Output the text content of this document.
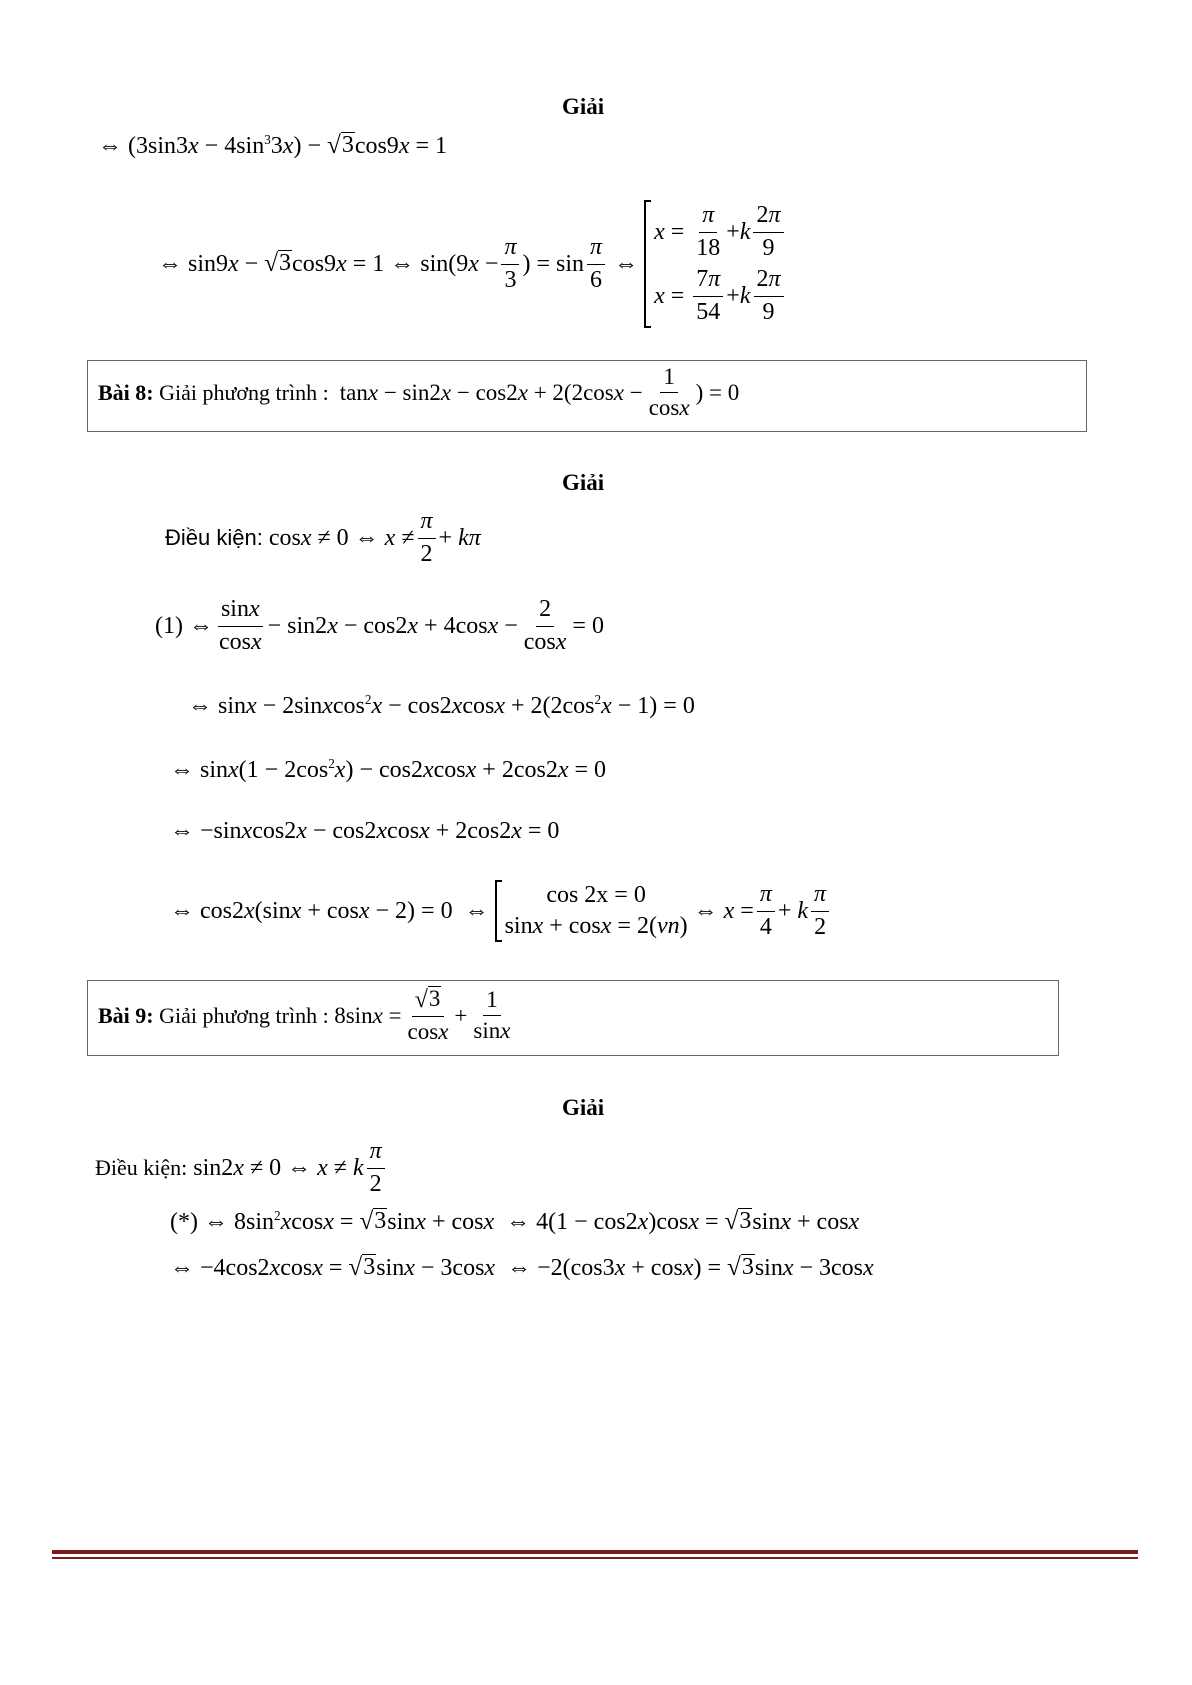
Giải
⇔ $(3\sin 3x - 4\sin^33x)$ − √ 3 cos9x = 1
⇔ sin9x − √ 3 cos9x = 1 ⇔ $\sin(9x - \frac{\pi}{3}$ ) = $\sin \frac{\pi}{6}$ ⇔
$x = \frac{\pi}{18} + k \frac{2\pi}{9}$
$x = \frac{7\pi}{54} + k \frac{2\pi}{9}$
Bài 8:
Giải phương trình :
$\tan x - \sin 2x - \cos 2x + 2(2\cos x - \frac{1}{\cos x}$ ) = 0
Giải
Điều kiện:
cosx ≠ 0 ⇔ $x \ne \frac{\pi}{2} + k\pi$
(1) ⇔ $\frac{\sin x}{\cos x} - \sin 2x - \cos 2x + 4\cos x - \frac{2}{\cos x} = 0$
⇔ sinx − 2sinxcos$^2$x − $\cos 2xcosx + 2(2\cos^2x - 1) = 0$
⇔ $\sin x(1 - 2\cos^2x) - \cos 2xcosx + 2\cos 2x = 0$
⇔ −sinxcos2x − cos2xcosx + 2cos2x = 0
⇔ cos2x(sinx + cosx − 2) = 0  ⇔
cos 2x = 0
sin x + cos x = 2( vn )
⇔ $x = \frac{\pi}{4} + k \frac{\pi}{2}$
Bài 9:
Giải phương trình :
$8\sin x = \frac{√ 3}{\cos x} + \frac{1}{\sin x}$
Giải
Điều kiện:
sin2x ≠ 0 ⇔ x ≠ k $\frac{\pi}{2}$
(*) ⇔ $8\sin^2xcosx$ = √ 3 sinx + cosx  ⇔ 4(1 − cos2x)cosx = √ 3 sinx + cosx
⇔ −4cos2xcosx = √ 3 sinx − 3cosx  ⇔ −2(cos3x + cosx) = √ 3 sinx − 3cosx
